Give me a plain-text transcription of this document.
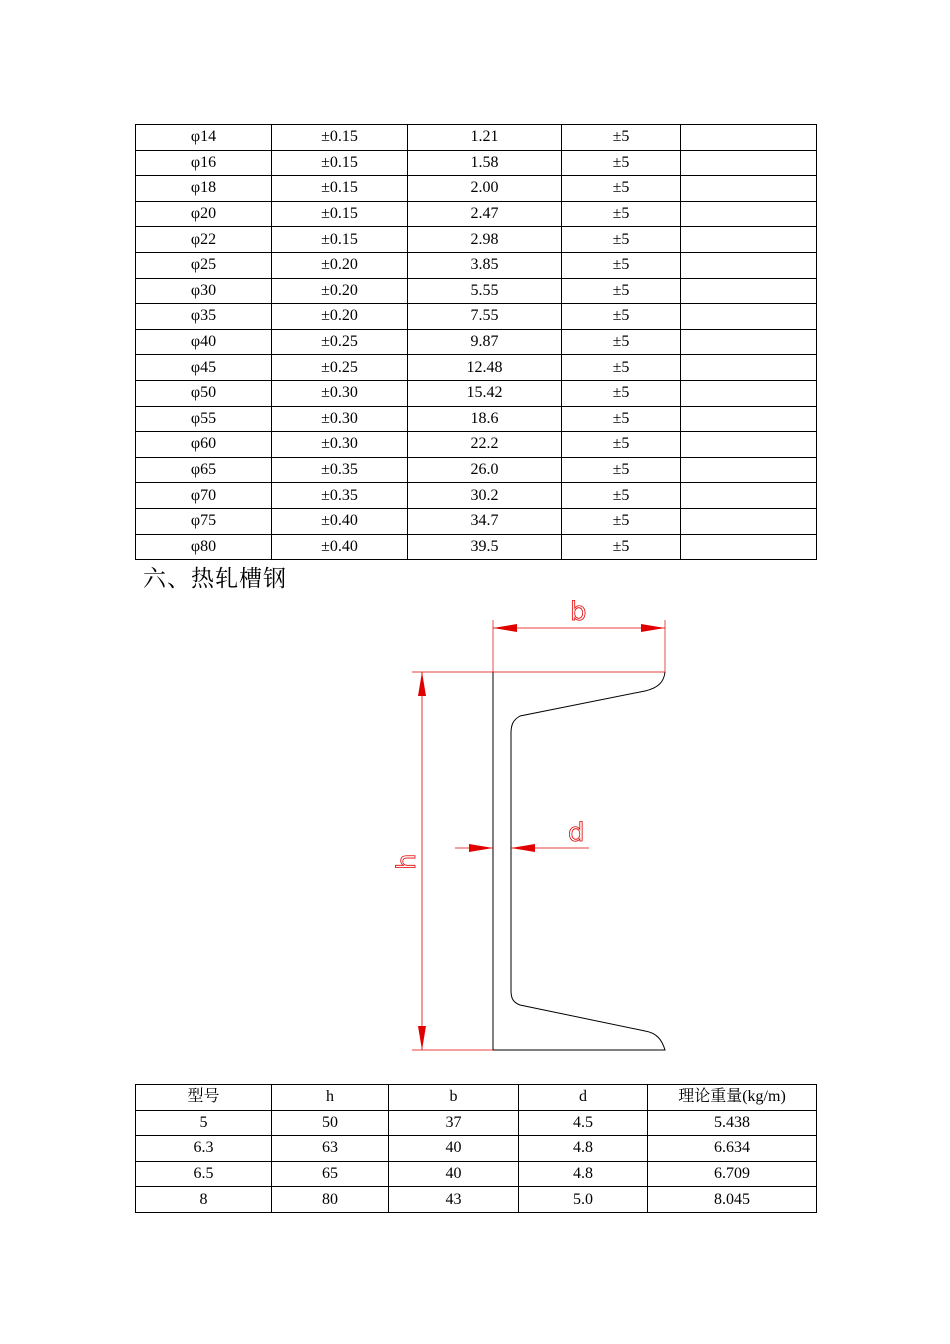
φ14	±0.15	1.21	±5	
φ16	±0.15	1.58	±5	
φ18	±0.15	2.00	±5	
φ20	±0.15	2.47	±5	
φ22	±0.15	2.98	±5	
φ25	±0.20	3.85	±5	
φ30	±0.20	5.55	±5	
φ35	±0.20	7.55	±5	
φ40	±0.25	9.87	±5	
φ45	±0.25	12.48	±5	
φ50	±0.30	15.42	±5	
φ55	±0.30	18.6	±5	
φ60	±0.30	22.2	±5	
φ65	±0.35	26.0	±5	
φ70	±0.35	30.2	±5	
φ75	±0.40	34.7	±5	
φ80	±0.40	39.5	±5	
六、热轧槽钢
b
h
d
型号	h	b	d	理论重量(kg/m)
5	50	37	4.5	5.438
6.3	63	40	4.8	6.634
6.5	65	40	4.8	6.709
8	80	43	5.0	8.045
